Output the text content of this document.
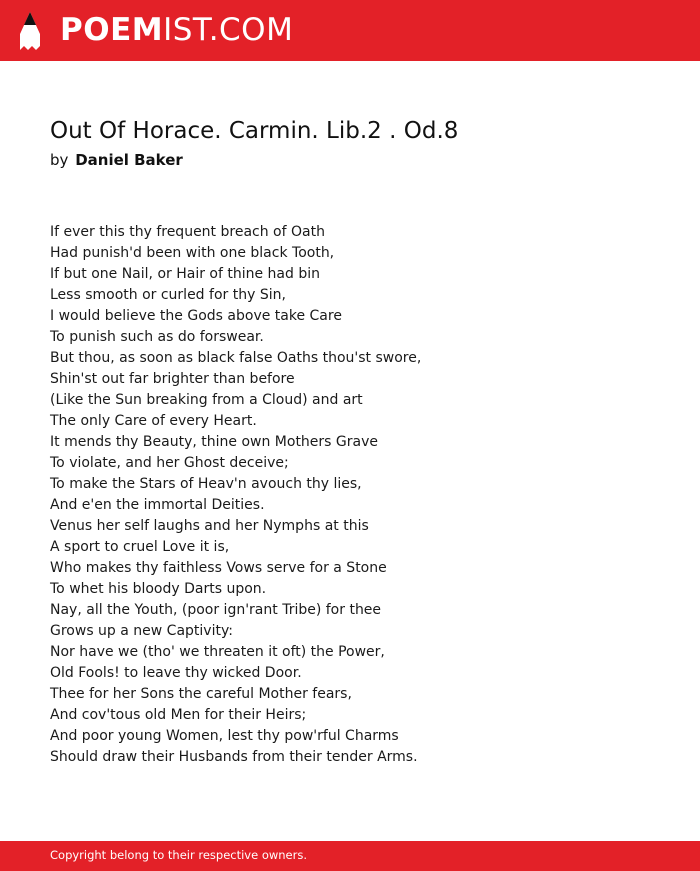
POEMIST.COM
Out Of Horace. Carmin. Lib.2 . Od.8
by Daniel Baker
If ever this thy frequent breach of Oath
Had punish'd been with one black Tooth,
If but one Nail, or Hair of thine had bin
Less smooth or curled for thy Sin,
I would believe the Gods above take Care
To punish such as do forswear.
But thou, as soon as black false Oaths thou'st swore,
Shin'st out far brighter than before
(Like the Sun breaking from a Cloud) and art
The only Care of every Heart.
It mends thy Beauty, thine own Mothers Grave
To violate, and her Ghost deceive;
To make the Stars of Heav'n avouch thy lies,
And e'en the immortal Deities.
Venus her self laughs and her Nymphs at this
A sport to cruel Love it is,
Who makes thy faithless Vows serve for a Stone
To whet his bloody Darts upon.
Nay, all the Youth, (poor ign'rant Tribe) for thee
Grows up a new Captivity:
Nor have we (tho' we threaten it oft) the Power,
Old Fools! to leave thy wicked Door.
Thee for her Sons the careful Mother fears,
And cov'tous old Men for their Heirs;
And poor young Women, lest thy pow'rful Charms
Should draw their Husbands from their tender Arms.
Copyright belong to their respective owners.
